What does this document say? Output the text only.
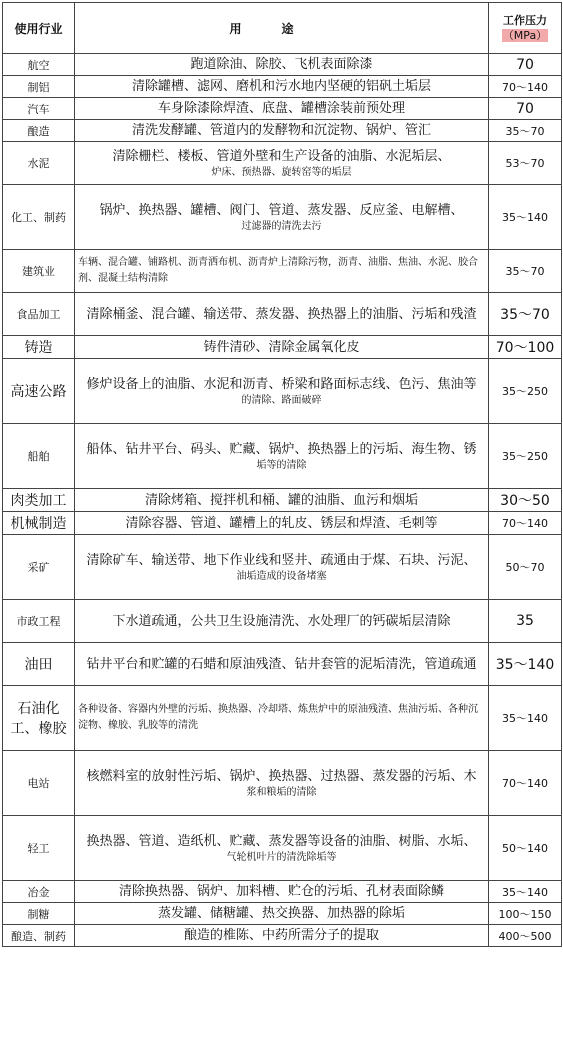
使用行业	用途	工作压力
（MPa）
航空	跑道除油、除胶、飞机表面除漆	70
制铝	清除罐槽、滤网、磨机和污水地内坚硬的铝矾土垢层	70～140
汽车	车身除漆除焊渣、底盘、罐槽涂装前预处理	70
酿造	清洗发酵罐、管道内的发酵物和沉淀物、锅炉、管汇	35～70
水泥	清除栅栏、楼板、管道外壁和生产设备的油脂、水泥垢层、
炉床、预热器、旋转窑等的垢层	53～70
化工、制药	锅炉、换热器、罐槽、阀门、管道、蒸发器、反应釜、电解槽、
过滤器的清洗去污	35～140
建筑业	车辆、混合罐、铺路机、沥青洒布机、沥青炉上清除污物，沥青、油脂、焦油、水泥、胶合剂、混凝土结构清除	35～70
食品加工	清除桶釜、混合罐、输送带、蒸发器、换热器上的油脂、污垢和残渣	35～70
铸造	铸件清砂、清除金属氧化皮	70～100
高速公路	修炉设备上的油脂、水泥和沥青、桥梁和路面标志线、色污、焦油等
的清除、路面破碎	35～250
船舶	船体、钻井平台、码头、贮藏、锅炉、换热器上的污垢、海生物、锈
垢等的清除	35～250
肉类加工	清除烤箱、搅拌机和桶、罐的油脂、血污和烟垢	30～50
机械制造	清除容器、管道、罐槽上的轧皮、锈层和焊渣、毛刺等	70～140
采矿	清除矿车、输送带、地下作业线和竖井、疏通由于煤、石块、污泥、
油垢造成的设备堵塞	50～70
市政工程	下水道疏通，公共卫生设施清洗、水处理厂的钙碳垢层清除	35
油田	钻井平台和贮罐的石蜡和原油残渣、钻井套管的泥垢清洗，管道疏通	35～140
石油化工、橡胶	各种设备、容器内外壁的污垢、换热器、冷却塔、炼焦炉中的原油残渣、焦油污垢、各种沉淀物、橡胶、乳胶等的清洗	35～140
电站	核燃料室的放射性污垢、锅炉、换热器、过热器、蒸发器的污垢、木
浆和粮垢的清除	70～140
轻工	换热器、管道、造纸机、贮藏、蒸发器等设备的油脂、树脂、水垢、
气轮机叶片的清洗除垢等	50～140
冶金	清除换热器、锅炉、加料槽、贮仓的污垢、孔材表面除鳞	35～140
制糖	蒸发罐、储糖罐、热交换器、加热器的除垢	100～150
酿造、制药	酿造的椎陈、中药所需分子的提取	400～500
